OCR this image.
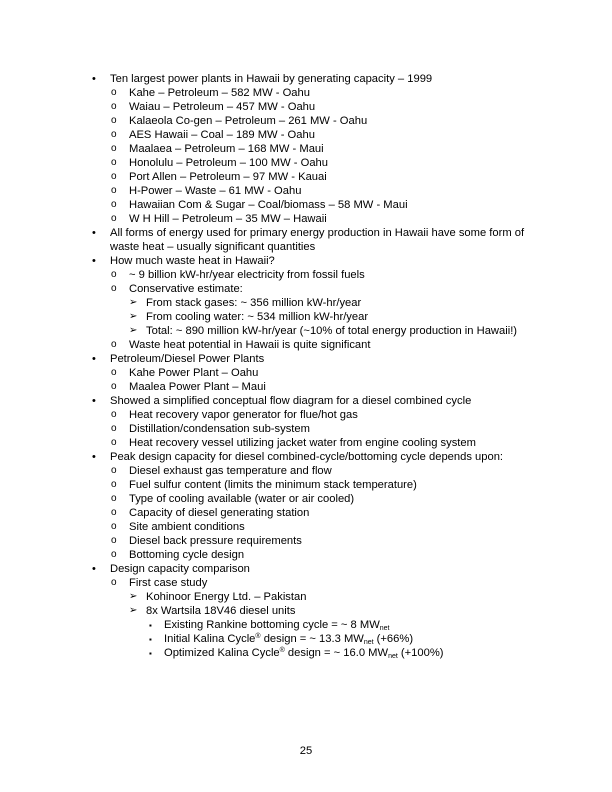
• Ten largest power plants in Hawaii by generating capacity – 1999
o Kahe – Petroleum – 582 MW - Oahu
o Waiau – Petroleum – 457 MW - Oahu
o Kalaeola Co-gen – Petroleum – 261 MW - Oahu
o AES Hawaii – Coal – 189 MW - Oahu
o Maalaea – Petroleum – 168 MW - Maui
o Honolulu – Petroleum – 100 MW - Oahu
o Port Allen – Petroleum – 97 MW - Kauai
o H-Power – Waste – 61 MW - Oahu
o Hawaiian Com & Sugar – Coal/biomass – 58 MW - Maui
o W H Hill – Petroleum – 35 MW – Hawaii
• All forms of energy used for primary energy production in Hawaii have some form of waste heat – usually significant quantities
• How much waste heat in Hawaii?
o ~ 9 billion kW-hr/year electricity from fossil fuels
o Conservative estimate:
➢ From stack gases: ~ 356 million kW-hr/year
➢ From cooling water: ~ 534 million kW-hr/year
➢ Total: ~ 890 million kW-hr/year (~10% of total energy production in Hawaii!)
o Waste heat potential in Hawaii is quite significant
• Petroleum/Diesel Power Plants
o Kahe Power Plant – Oahu
o Maalea Power Plant – Maui
• Showed a simplified conceptual flow diagram for a diesel combined cycle
o Heat recovery vapor generator for flue/hot gas
o Distillation/condensation sub-system
o Heat recovery vessel utilizing jacket water from engine cooling system
• Peak design capacity for diesel combined-cycle/bottoming cycle depends upon:
o Diesel exhaust gas temperature and flow
o Fuel sulfur content (limits the minimum stack temperature)
o Type of cooling available (water or air cooled)
o Capacity of diesel generating station
o Site ambient conditions
o Diesel back pressure requirements
o Bottoming cycle design
• Design capacity comparison
o First case study
➢ Kohinoor Energy Ltd. – Pakistan
➢ 8x Wartsila 18V46 diesel units
▪ Existing Rankine bottoming cycle = ~ 8 $MW_{net}$
▪ Initial Kalina Cycle® design = ~ 13.3 $MW_{net}$ (+66%)
▪ Optimized Kalina Cycle® design = ~ 16.0 $MW_{net}$ (+100%)
25
